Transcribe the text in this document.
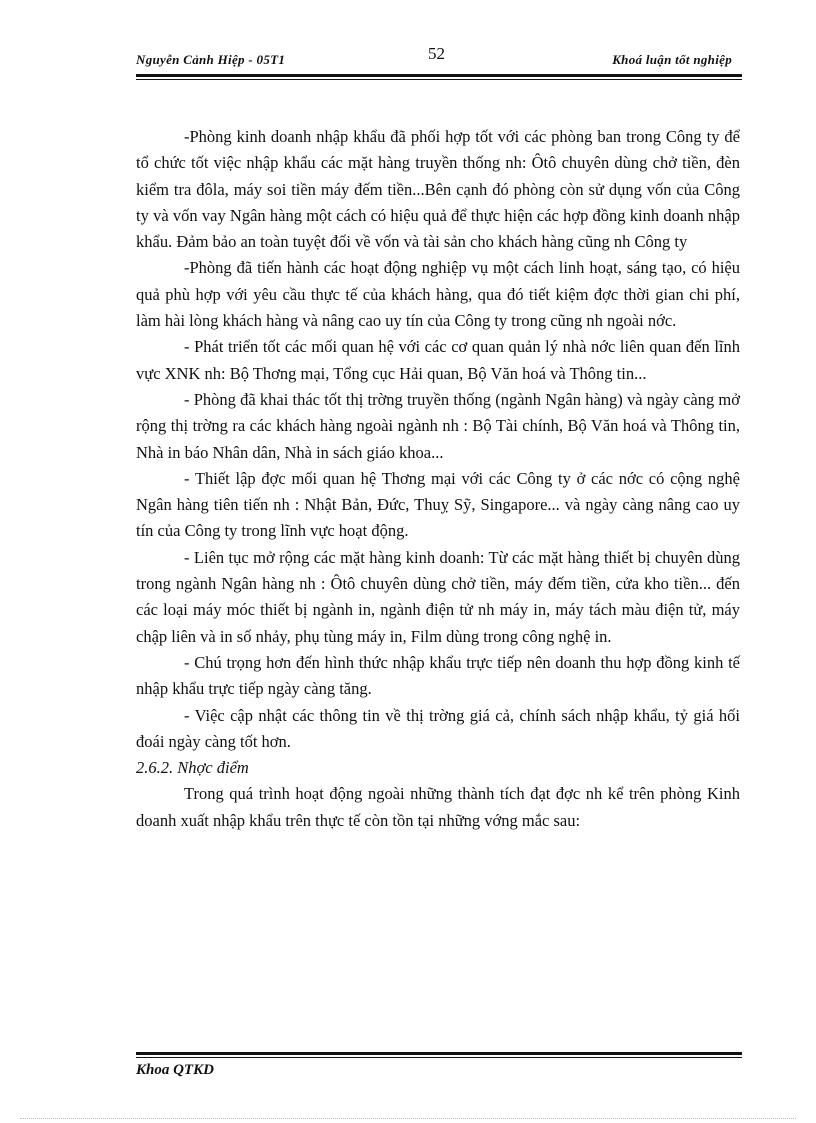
Nguyễn Cảnh Hiệp - 05T1	52	Khoá luận tốt nghiệp

-Phòng kinh doanh nhập khẩu đã phối hợp tốt với các phòng ban trong Công ty để tổ chức tốt việc nhập khẩu các mặt hàng truyền thống nh: Ôtô chuyên dùng chở tiền, đèn kiểm tra đôla, máy soi tiền máy đếm tiền...Bên cạnh đó phòng còn sử dụng vốn của Công ty và vốn vay Ngân hàng một cách có hiệu quả để thực hiện các hợp đồng kinh doanh nhập khẩu. Đảm bảo an toàn tuyệt đối về vốn và tài sản cho khách hàng cũng nh Công ty

-Phòng đã tiến hành các hoạt động nghiệp vụ một cách linh hoạt, sáng tạo, có hiệu quả phù hợp với yêu cầu thực tế của khách hàng, qua đó tiết kiệm đợc thời gian chi phí, làm hài lòng khách hàng và nâng cao uy tín của Công ty trong cũng nh ngoài nớc.

- Phát triển tốt các mối quan hệ với các cơ quan quản lý nhà nớc liên quan đến lĩnh vực XNK nh: Bộ Thơng mại, Tổng cục Hải quan, Bộ Văn hoá và Thông tin...

- Phòng đã khai thác tốt thị trờng truyền thống (ngành Ngân hàng) và ngày càng mở rộng thị trờng ra các khách hàng ngoài ngành nh : Bộ Tài chính, Bộ Văn hoá và Thông tin, Nhà in báo Nhân dân, Nhà in sách giáo khoa...

- Thiết lập đợc mối quan hệ Thơng mại với các Công ty ở các nớc có cộng nghệ Ngân hàng tiên tiến nh : Nhật Bản, Đức, Thuỵ Sỹ, Singapore... và ngày càng nâng cao uy tín của Công ty trong lĩnh vực hoạt động.

- Liên tục mở rộng các mặt hàng kinh doanh: Từ các mặt hàng thiết bị chuyên dùng trong ngành Ngân hàng nh : Ôtô chuyên dùng chở tiền, máy đếm tiền, cửa kho tiền... đến các loại máy móc thiết bị ngành in, ngành điện tử nh máy in, máy tách màu điện tử, máy chập liên và in số nhảy, phụ tùng máy in, Film dùng trong công nghệ in.

- Chú trọng hơn đến hình thức nhập khẩu trực tiếp nên doanh thu hợp đồng kinh tế nhập khẩu trực tiếp ngày càng tăng.

- Việc cập nhật các thông tin về thị trờng giá cả, chính sách nhập khẩu, tỷ giá hối đoái ngày càng tốt hơn.

2.6.2. Nhợc điểm

Trong quá trình hoạt động ngoài những thành tích đạt đợc nh kể trên phòng Kinh doanh xuất nhập khẩu trên thực tế còn tồn tại những vớng mắc sau:

Khoa QTKD
